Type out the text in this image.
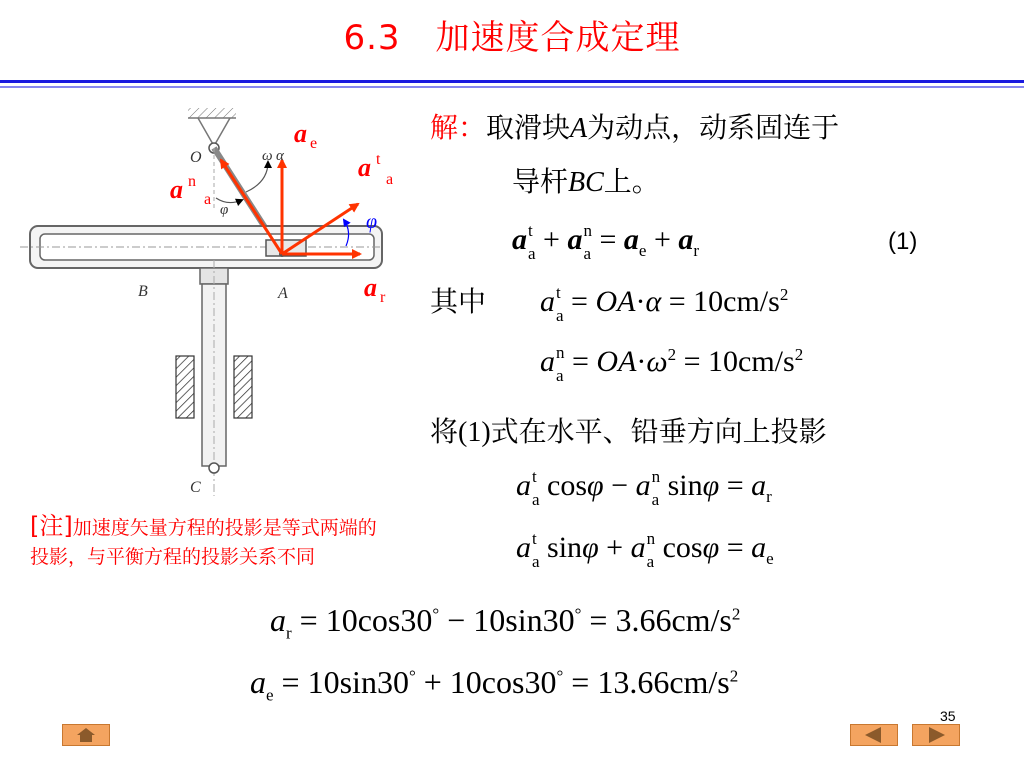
6.3　加速度合成定理
O	ω α
φ
A
B
C
a e
a n
a
a t
a
φ
a r
解：取滑块A为动点，动系固连于
导杆BC上。
a t
a + a n
$a = a_e + a_r$	(1)
其中 a t
$a = OA\cdot\alpha = 10cm/s^2$
a n
$a = OA\cdot\omega^2 = 10cm/s^2$
将(1)式在水平、铅垂方向上投影
a t
a cosφ − a n
a $\sin\varphi = a_r$
a t
a sinφ + a n
a $\cos\varphi = a_e$
[注]加速度矢量方程的投影是等式两端的投影，与平衡方程的投影关系不同
$a_r = 10\cos 30^\circ - 10\sin 30^\circ = 3.66cm/s^2$
$a_e = 10\sin 30^\circ + 10\cos 30^\circ = 13.66cm/s^2$
35
